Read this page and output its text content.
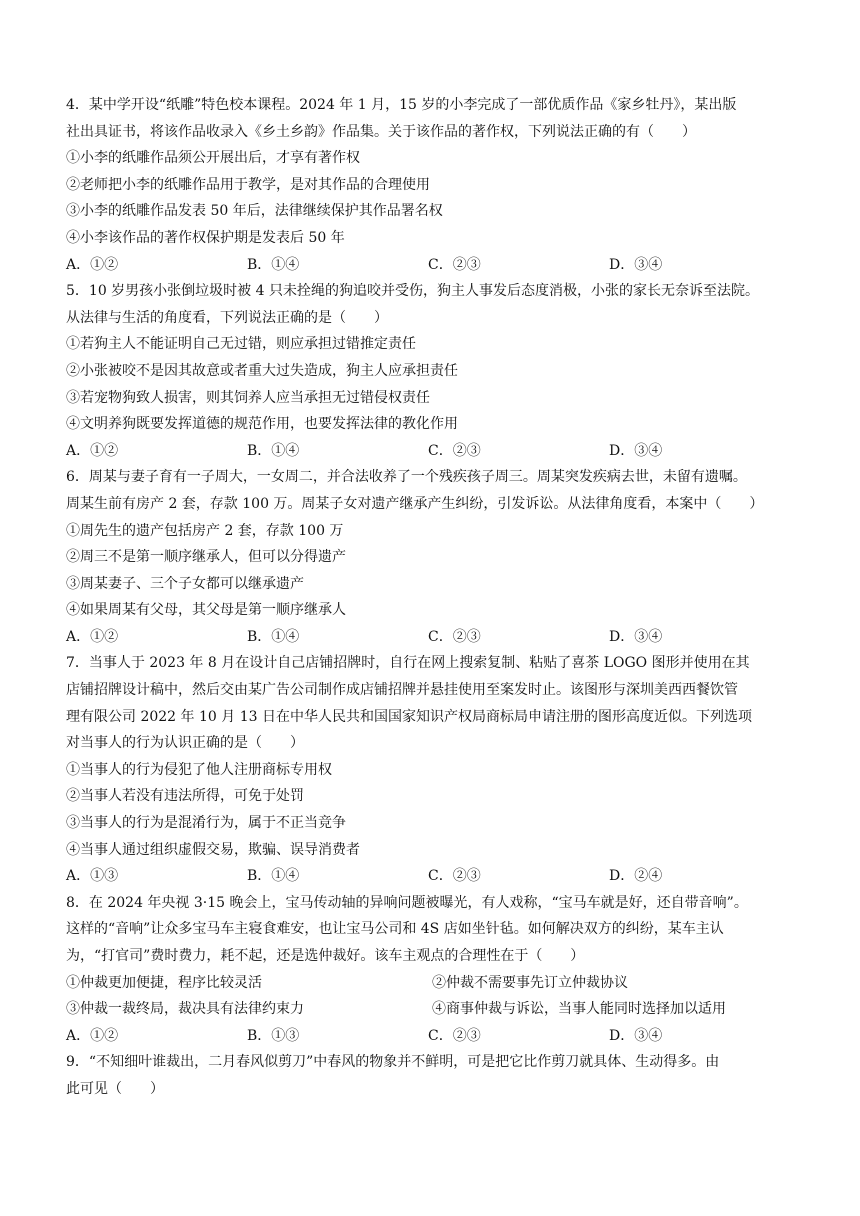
4．某中学开设“纸雕”特色校本课程。2024 年 1 月，15 岁的小李完成了一部优质作品《家乡牡丹》，某出版
社出具证书，将该作品收录入《乡土乡韵》作品集。关于该作品的著作权，下列说法正确的有（　　）
①小李的纸雕作品须公开展出后，才享有著作权
②老师把小李的纸雕作品用于教学，是对其作品的合理使用
③小李的纸雕作品发表 50 年后，法律继续保护其作品署名权
④小李该作品的著作权保护期是发表后 50 年
A．①②	B．①④	C．②③	D．③④
5．10 岁男孩小张倒垃圾时被 4 只未拴绳的狗追咬并受伤，狗主人事发后态度消极，小张的家长无奈诉至法院。
从法律与生活的角度看，下列说法正确的是（　　）
①若狗主人不能证明自己无过错，则应承担过错推定责任
②小张被咬不是因其故意或者重大过失造成，狗主人应承担责任
③若宠物狗致人损害，则其饲养人应当承担无过错侵权责任
④文明养狗既要发挥道德的规范作用，也要发挥法律的教化作用
A．①②	B．①④	C．②③	D．③④
6．周某与妻子育有一子周大，一女周二，并合法收养了一个残疾孩子周三。周某突发疾病去世，未留有遗嘱。
周某生前有房产 2 套，存款 100 万。周某子女对遗产继承产生纠纷，引发诉讼。从法律角度看，本案中（　　）
①周先生的遗产包括房产 2 套，存款 100 万
②周三不是第一顺序继承人，但可以分得遗产
③周某妻子、三个子女都可以继承遗产
④如果周某有父母，其父母是第一顺序继承人
A．①②	B．①④	C．②③	D．③④
7．当事人于 2023 年 8 月在设计自己店铺招牌时，自行在网上搜索复制、粘贴了喜茶 LOGO 图形并使用在其
店铺招牌设计稿中，然后交由某广告公司制作成店铺招牌并悬挂使用至案发时止。该图形与深圳美西西餐饮管
理有限公司 2022 年 10 月 13 日在中华人民共和国国家知识产权局商标局申请注册的图形高度近似。下列选项
对当事人的行为认识正确的是（　　）
①当事人的行为侵犯了他人注册商标专用权
②当事人若没有违法所得，可免于处罚
③当事人的行为是混淆行为，属于不正当竞争
④当事人通过组织虚假交易，欺骗、误导消费者
A．①③	B．①④	C．②③	D．②④
8．在 2024 年央视 3·15 晚会上，宝马传动轴的异响问题被曝光，有人戏称，“宝马车就是好，还自带音响”。
这样的“音响”让众多宝马车主寝食难安，也让宝马公司和 4S 店如坐针毡。如何解决双方的纠纷，某车主认
为，“打官司”费时费力，耗不起，还是选仲裁好。该车主观点的合理性在于（　　）
①仲裁更加便捷，程序比较灵活	②仲裁不需要事先订立仲裁协议
③仲裁一裁终局，裁决具有法律约束力	④商事仲裁与诉讼，当事人能同时选择加以适用
A．①②	B．①③	C．②③	D．③④
9．“不知细叶谁裁出，二月春风似剪刀”中春风的物象并不鲜明，可是把它比作剪刀就具体、生动得多。由
此可见（　　）
